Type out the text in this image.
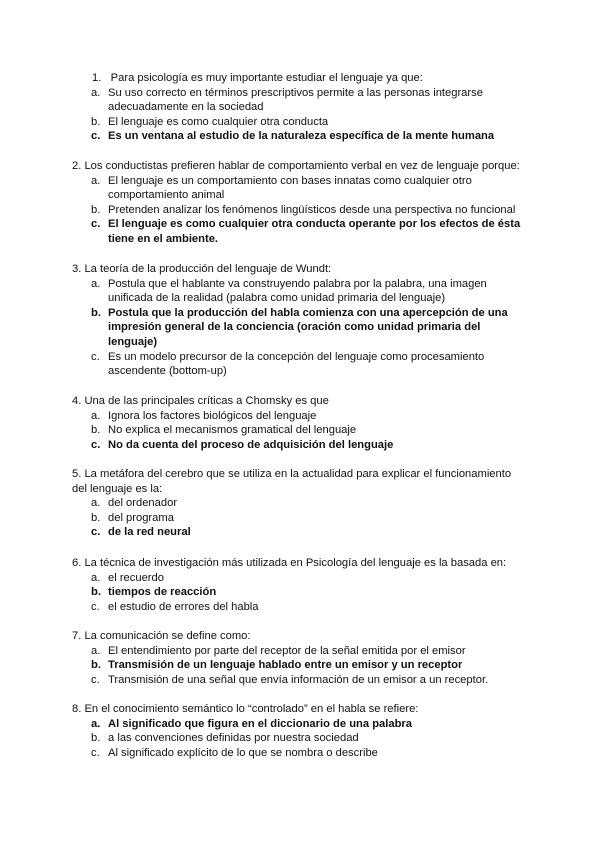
1. Para psicología es muy importante estudiar el lenguaje ya que:

a. Su uso correcto en términos prescriptivos permite a las personas integrarse adecuadamente en la sociedad
b. El lenguaje es como cualquier otra conducta
c. Es un ventana al estudio de la naturaleza específica de la mente humana

2. Los conductistas prefieren hablar de comportamiento verbal en vez de lenguaje porque:

a. El lenguaje es un comportamiento con bases innatas como cualquier otro comportamiento animal
b. Pretenden analizar los fenómenos lingüísticos desde una perspectiva no funcional
c. El lenguaje es como cualquier otra conducta operante por los efectos de ésta tiene en el ambiente.

3. La teoría de la producción del lenguaje de Wundt:

a. Postula que el hablante va construyendo palabra por la palabra, una imagen unificada de la realidad (palabra como unidad primaria del lenguaje)
b. Postula que la producción del habla comienza con una apercepción de una impresión general de la conciencia (oración como unidad primaria del lenguaje)
c. Es un modelo precursor de la concepción del lenguaje como procesamiento ascendente (bottom-up)

4. Una de las principales críticas a Chomsky es que

a. Ignora los factores biológicos del lenguaje
b. No explica el mecanismos gramatical del lenguaje
c. No da cuenta del proceso de adquisición del lenguaje

5. La metáfora del cerebro que se utiliza en la actualidad para explicar el funcionamiento del lenguaje es la:

a. del ordenador
b. del programa
c. de la red neural

6. La técnica de investigación más utilizada en Psicología del lenguaje es la basada en:

a. el recuerdo
b. tiempos de reacción
c. el estudio de errores del habla

7. La comunicación se define como:

a. El entendimiento por parte del receptor de la señal emitida por el emisor
b. Transmisión de un lenguaje hablado entre un emisor y un receptor
c. Transmisión de una señal que envía información de un emisor a un receptor.

8. En el conocimiento semántico lo “controlado” en el habla se refiere:

a. Al significado que figura en el diccionario de una palabra
b. a las convenciones definidas por nuestra sociedad
c. Al significado explícito de lo que se nombra o describe
